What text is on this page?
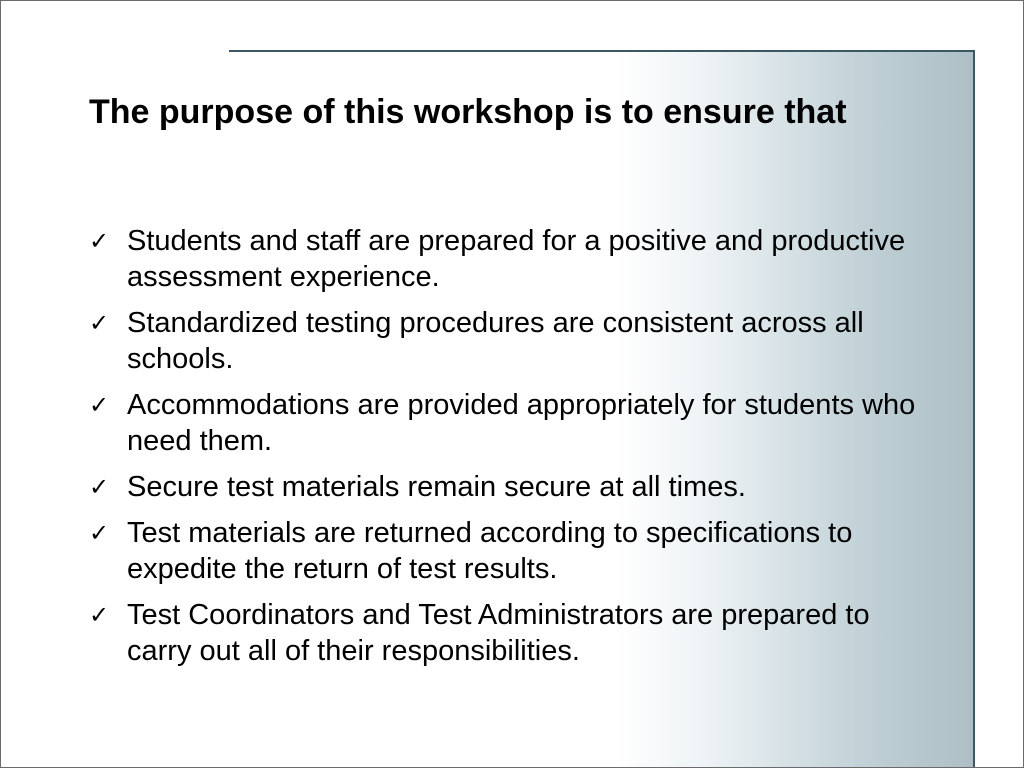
The purpose of this workshop is to ensure that
✓ Students and staff are prepared for a positive and productive assessment experience.
✓ Standardized testing procedures are consistent across all schools.
✓ Accommodations are provided appropriately for students who need them.
✓ Secure test materials remain secure at all times.
✓ Test materials are returned according to specifications to expedite the return of test results.
✓ Test Coordinators and Test Administrators are prepared to carry out all of their responsibilities.
